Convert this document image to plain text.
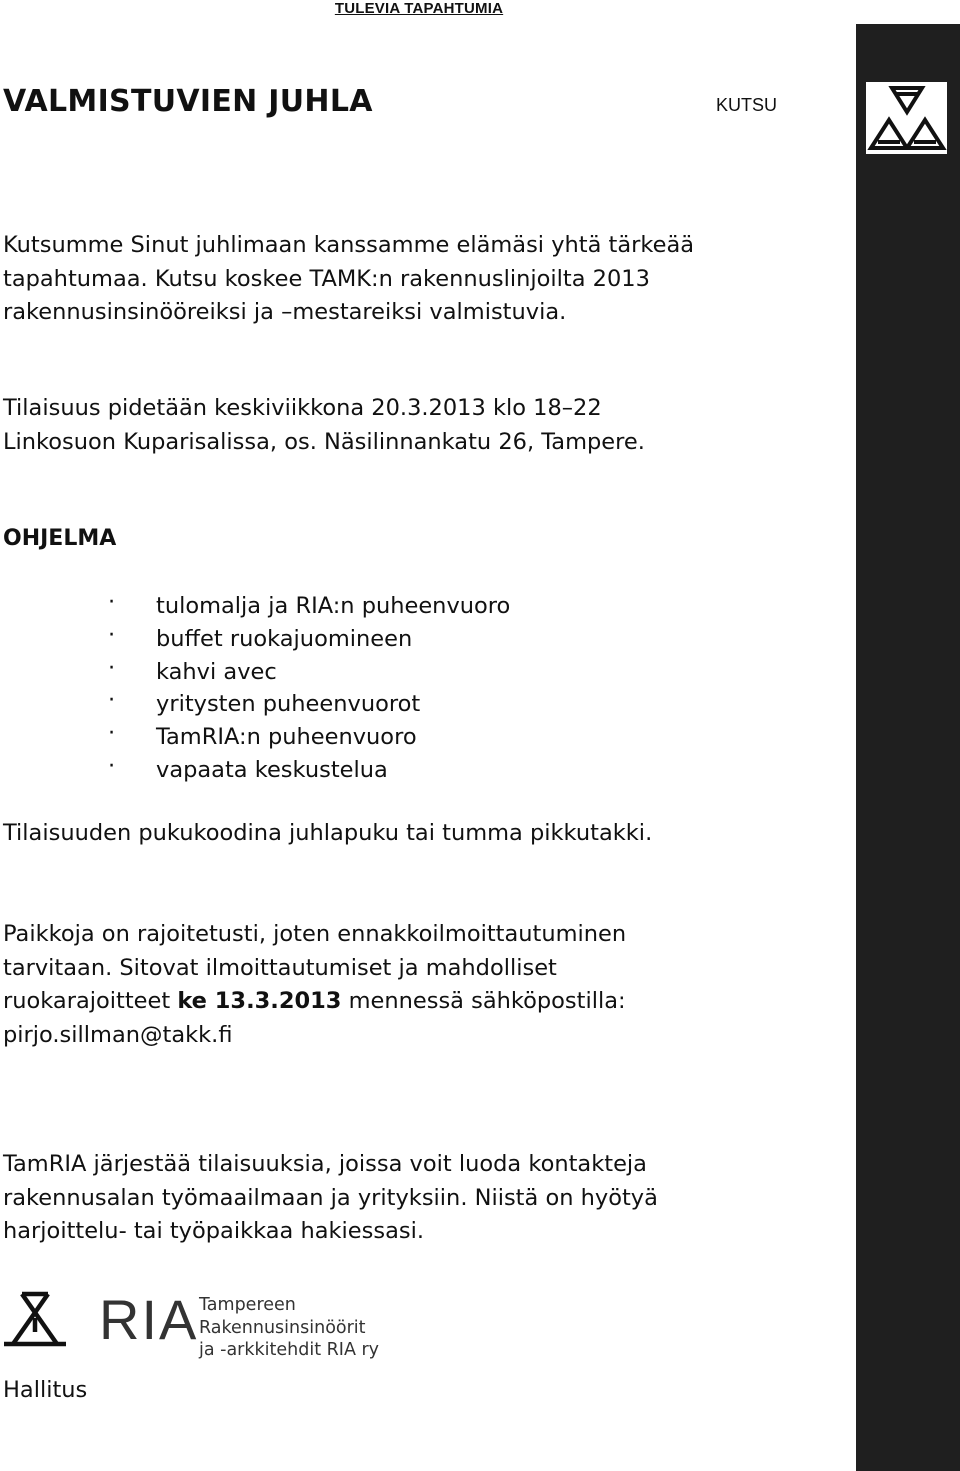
TULEVIA TAPAHTUMIA
VALMISTUVIEN JUHLA	KUTSU
Kutsumme Sinut juhlimaan kanssamme elämäsi yhtä tärkeää
tapahtumaa. Kutsu koskee TAMK:n rakennuslinjoilta 2013
rakennusinsinööreiksi ja –mestareiksi valmistuvia.
Tilaisuus pidetään keskiviikkona 20.3.2013 klo 18–22
Linkosuon Kuparisalissa, os. Näsilinnankatu 26, Tampere.
OHJELMA
· tulomalja ja RIA:n puheenvuoro
· buffet ruokajuomineen
· kahvi avec
· yritysten puheenvuorot
· TamRIA:n puheenvuoro
· vapaata keskustelua
Tilaisuuden pukukoodina juhlapuku tai tumma pikkutakki.
Paikkoja on rajoitetusti, joten ennakkoilmoittautuminen
tarvitaan. Sitovat ilmoittautumiset ja mahdolliset
ruokarajoitteet ke 13.3.2013 mennessä sähköpostilla:
pirjo.sillman@takk.fi
TamRIA järjestää tilaisuuksia, joissa voit luoda kontakteja
rakennusalan työmaailmaan ja yrityksiin. Niistä on hyötyä
harjoittelu- tai työpaikkaa hakiessasi.
RIA Tampereen
Rakennusinsinöörit
ja -arkkitehdit RIA ry
Hallitus
